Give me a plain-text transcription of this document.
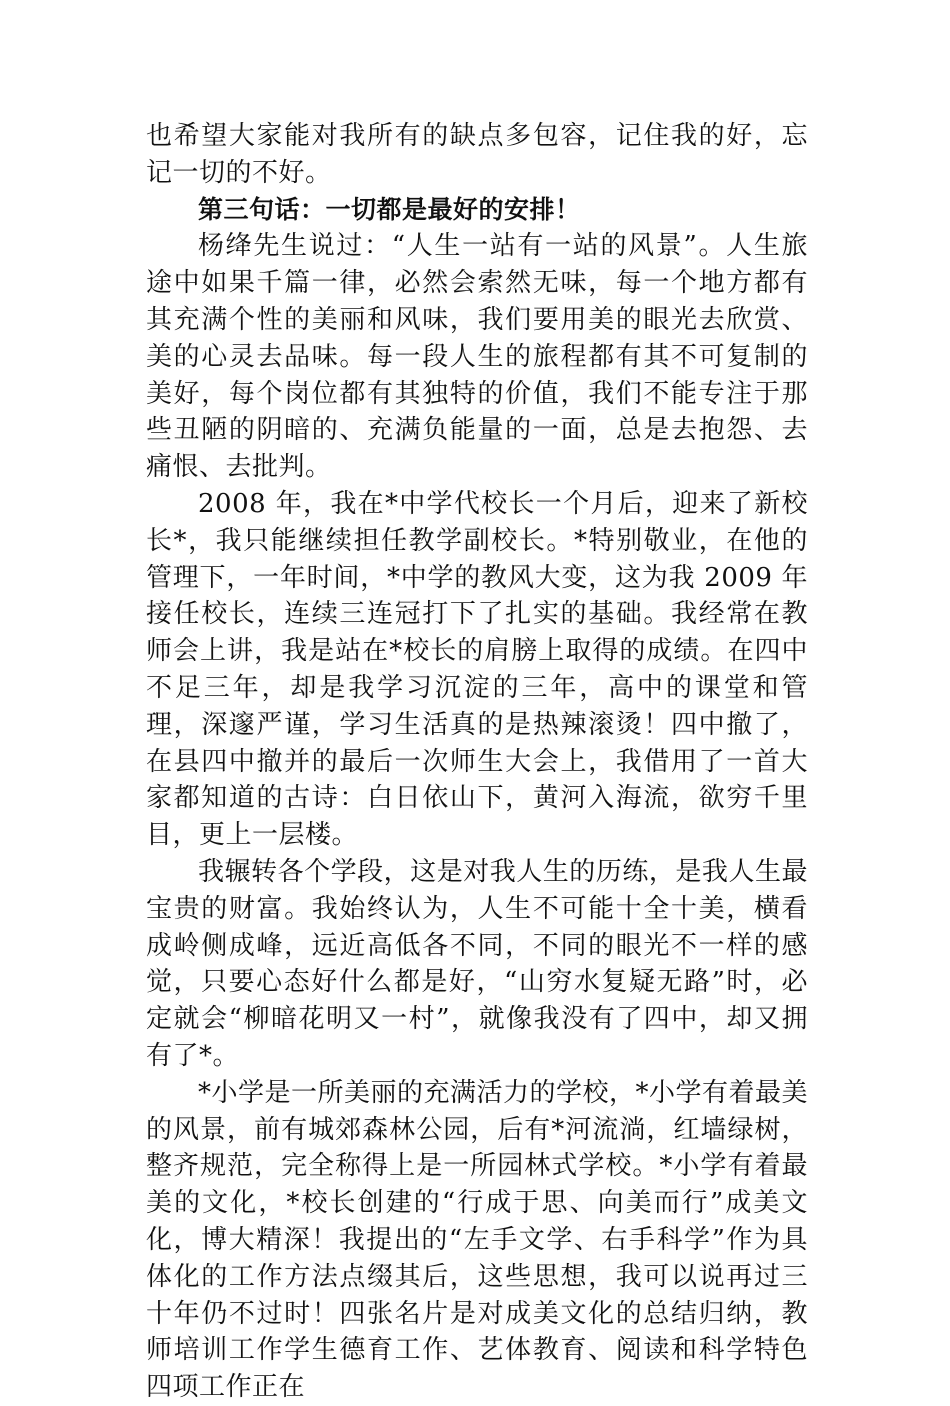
也希望大家能对我所有的缺点多包容，记住我的好，忘记一切的不好。

第三句话：一切都是最好的安排！

杨绛先生说过：“人生一站有一站的风景”。人生旅途中如果千篇一律，必然会索然无味，每一个地方都有其充满个性的美丽和风味，我们要用美的眼光去欣赏、美的心灵去品味。每一段人生的旅程都有其不可复制的美好，每个岗位都有其独特的价值，我们不能专注于那些丑陋的阴暗的、充满负能量的一面，总是去抱怨、去痛恨、去批判。

2008 年，我在*中学代校长一个月后，迎来了新校长*，我只能继续担任教学副校长。*特别敬业，在他的管理下，一年时间，*中学的教风大变，这为我 2009 年接任校长，连续三连冠打下了扎实的基础。我经常在教师会上讲，我是站在*校长的肩膀上取得的成绩。在四中不足三年，却是我学习沉淀的三年，高中的课堂和管理，深邃严谨，学习生活真的是热辣滚烫！四中撤了，在县四中撤并的最后一次师生大会上，我借用了一首大家都知道的古诗：白日依山下，黄河入海流，欲穷千里目，更上一层楼。

我辗转各个学段，这是对我人生的历练，是我人生最宝贵的财富。我始终认为，人生不可能十全十美，横看成岭侧成峰，远近高低各不同，不同的眼光不一样的感觉，只要心态好什么都是好，“山穷水复疑无路”时，必定就会“柳暗花明又一村”，就像我没有了四中，却又拥有了*。

*小学是一所美丽的充满活力的学校，*小学有着最美的风景，前有城郊森林公园，后有*河流淌，红墙绿树，整齐规范，完全称得上是一所园林式学校。*小学有着最美的文化，*校长创建的“行成于思、向美而行”成美文化，博大精深！我提出的“左手文学、右手科学”作为具体化的工作方法点缀其后，这些思想，我可以说再过三十年仍不过时！四张名片是对成美文化的总结归纳，教师培训工作学生德育工作、艺体教育、阅读和科学特色四项工作正在
